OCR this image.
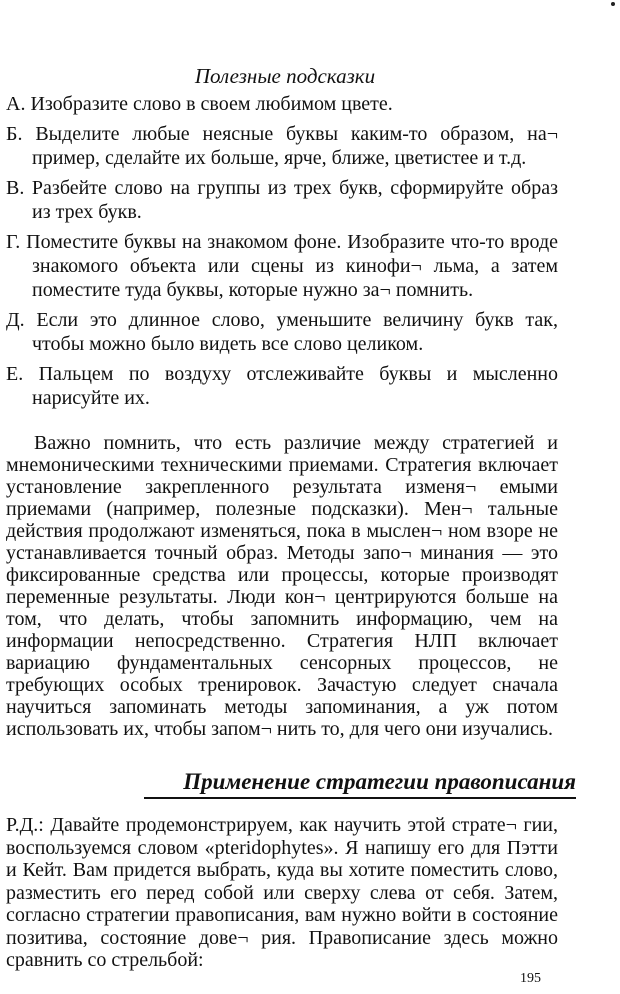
Полезные подсказки
А. Изобразите слово в своем любимом цвете.
Б. Выделите любые неясные буквы каким-то образом, на¬ пример, сделайте их больше, ярче, ближе, цветистее и т.д.
В. Разбейте слово на группы из трех букв, сформируйте образ из трех букв.
Г. Поместите буквы на знакомом фоне. Изобразите что-то вроде знакомого объекта или сцены из кинофи¬ льма, а затем поместите туда буквы, которые нужно за¬ помнить.
Д. Если это длинное слово, уменьшите величину букв так, чтобы можно было видеть все слово целиком.
Е. Пальцем по воздуху отслеживайте буквы и мысленно нарисуйте их.

Важно помнить, что есть различие между стратегией и мнемоническими техническими приемами. Стратегия включает установление закрепленного результата изменя¬ емыми приемами (например, полезные подсказки). Мен¬ тальные действия продолжают изменяться, пока в мыслен¬ ном взоре не устанавливается точный образ. Методы запо¬ минания — это фиксированные средства или процессы, которые производят переменные результаты. Люди кон¬ центрируются больше на том, что делать, чтобы запомнить информацию, чем на информации непосредственно. Стратегия НЛП включает вариацию фундаментальных сенсорных процессов, не требующих особых тренировок. Зачастую следует сначала научиться запоминать методы запоминания, а уж потом использовать их, чтобы запом¬ нить то, для чего они изучались.

Применение стратегии правописания

Р.Д.: Давайте продемонстрируем, как научить этой страте¬ гии, воспользуемся словом «pteridophytes». Я напишу его для Пэтти и Кейт. Вам придется выбрать, куда вы хотите поместить слово, разместить его перед собой или сверху слева от себя. Затем, согласно стратегии правописания, вам нужно войти в состояние позитива, состояние дове¬ рия. Правописание здесь можно сравнить со стрельбой:

195
